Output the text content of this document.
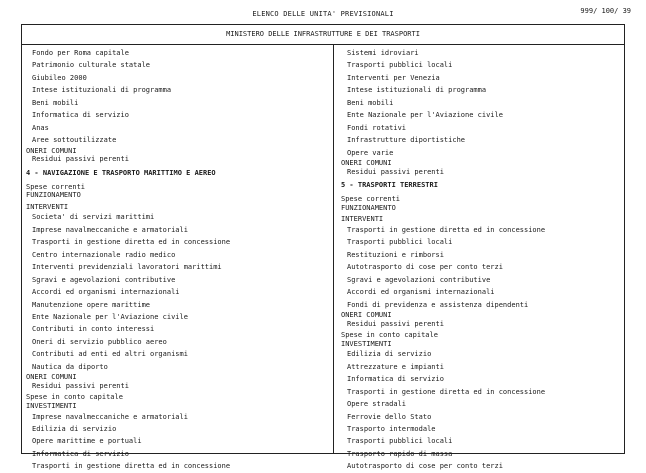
ELENCO DELLE UNITA' PREVISIONALI	999/ 100/ 39
MINISTERO DELLE INFRASTRUTTURE E DEI TRASPORTI
Fondo per Roma capitale
Patrimonio culturale statale
Giubileo 2000
Intese istituzionali di programma
Beni mobili
Informatica di servizio
Anas
Aree sottoutilizzate
ONERI COMUNI
Residui passivi perenti
4 - NAVIGAZIONE E TRASPORTO MARITTIMO E AEREO
Spese correnti
FUNZIONAMENTO
INTERVENTI
Societa' di servizi marittimi
Imprese navalmeccaniche e armatoriali
Trasporti in gestione diretta ed in concessione
Centro internazionale radio medico
Interventi previdenziali lavoratori marittimi
Sgravi e agevolazioni contributive
Accordi ed organismi internazionali
Manutenzione opere marittime
Ente Nazionale per l'Aviazione civile
Contributi in conto interessi
Oneri di servizio pubblico aereo
Contributi ad enti ed altri organismi
Nautica da diporto
ONERI COMUNI
Residui passivi perenti
Spese in conto capitale
INVESTIMENTI
Imprese navalmeccaniche e armatoriali
Edilizia di servizio
Opere marittime e portuali
Informatica di servizio
Trasporti in gestione diretta ed in concessione
Sistemi idroviari
Trasporti pubblici locali
Interventi per Venezia
Intese istituzionali di programma
Beni mobili
Ente Nazionale per l'Aviazione civile
Fondi rotativi
Infrastrutture diportistiche
Opere varie
ONERI COMUNI
Residui passivi perenti
5 - TRASPORTI TERRESTRI
Spese correnti
FUNZIONAMENTO
INTERVENTI
Trasporti in gestione diretta ed in concessione
Trasporti pubblici locali
Restituzioni e rimborsi
Autotrasporto di cose per conto terzi
Sgravi e agevolazioni contributive
Accordi ed organismi internazionali
Fondi di previdenza e assistenza dipendenti
ONERI COMUNI
Residui passivi perenti
Spese in conto capitale
INVESTIMENTI
Edilizia di servizio
Attrezzature e impianti
Informatica di servizio
Trasporti in gestione diretta ed in concessione
Opere stradali
Ferrovie dello Stato
Trasporto intermodale
Trasporti pubblici locali
Trasporto rapido di massa
Autotrasporto di cose per conto terzi
